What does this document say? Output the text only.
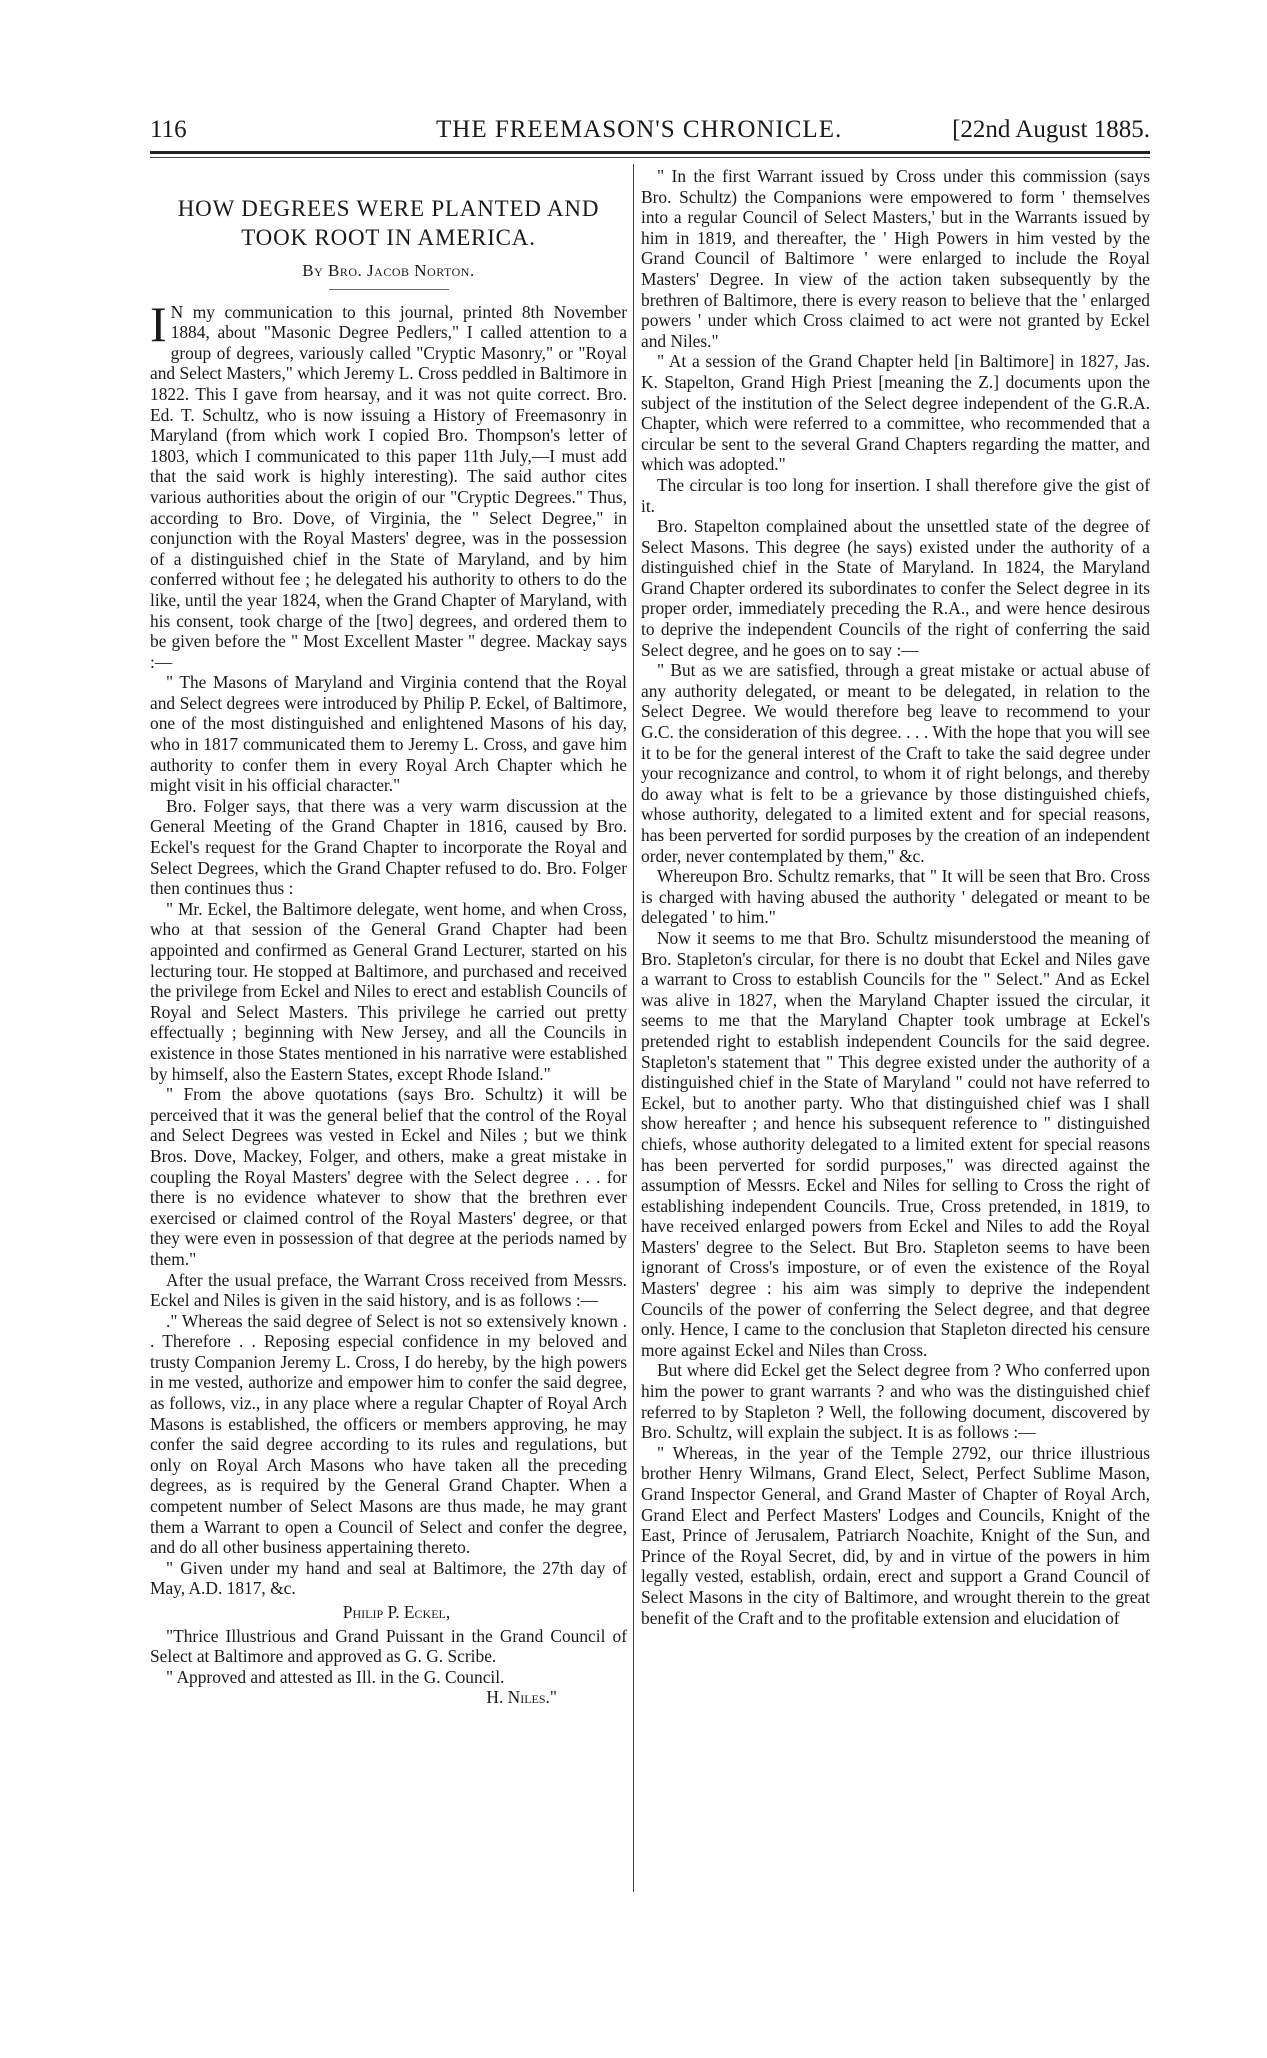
116	THE FREEMASON'S CHRONICLE.	[22nd August 1885.
HOW DEGREES WERE PLANTED AND TOOK ROOT IN AMERICA.
By Bro. Jacob Norton.

I N my communication to this journal, printed 8th November 1884, about "Masonic Degree Pedlers," I called attention to a group of degrees, variously called "Cryptic Masonry," or "Royal and Select Masters," which Jeremy L. Cross peddled in Baltimore in 1822. This I gave from hearsay, and it was not quite correct. Bro. Ed. T. Schultz, who is now issuing a History of Freemasonry in Maryland (from which work I copied Bro. Thompson's letter of 1803, which I communicated to this paper 11th July,—I must add that the said work is highly interesting). The said author cites various authorities about the origin of our "Cryptic Degrees." Thus, according to Bro. Dove, of Virginia, the " Select Degree," in conjunction with the Royal Masters' degree, was in the possession of a distinguished chief in the State of Maryland, and by him conferred without fee ; he delegated his authority to others to do the like, until the year 1824, when the Grand Chapter of Maryland, with his consent, took charge of the [two] degrees, and ordered them to be given before the " Most Excellent Master " degree. Mackay says :—

" The Masons of Maryland and Virginia contend that the Royal and Select degrees were introduced by Philip P. Eckel, of Baltimore, one of the most distinguished and enlightened Masons of his day, who in 1817 communicated them to Jeremy L. Cross, and gave him authority to confer them in every Royal Arch Chapter which he might visit in his official character."

Bro. Folger says, that there was a very warm discussion at the General Meeting of the Grand Chapter in 1816, caused by Bro. Eckel's request for the Grand Chapter to incorporate the Royal and Select Degrees, which the Grand Chapter refused to do. Bro. Folger then continues thus :

" Mr. Eckel, the Baltimore delegate, went home, and when Cross, who at that session of the General Grand Chapter had been appointed and confirmed as General Grand Lecturer, started on his lecturing tour. He stopped at Baltimore, and purchased and received the privilege from Eckel and Niles to erect and establish Councils of Royal and Select Masters. This privilege he carried out pretty effectually ; beginning with New Jersey, and all the Councils in existence in those States mentioned in his narrative were established by himself, also the Eastern States, except Rhode Island."

" From the above quotations (says Bro. Schultz) it will be perceived that it was the general belief that the control of the Royal and Select Degrees was vested in Eckel and Niles ; but we think Bros. Dove, Mackey, Folger, and others, make a great mistake in coupling the Royal Masters' degree with the Select degree . . . for there is no evidence whatever to show that the brethren ever exercised or claimed control of the Royal Masters' degree, or that they were even in possession of that degree at the periods named by them."

After the usual preface, the Warrant Cross received from Messrs. Eckel and Niles is given in the said history, and is as follows :—

." Whereas the said degree of Select is not so extensively known . . Therefore . . Reposing especial confidence in my beloved and trusty Companion Jeremy L. Cross, I do hereby, by the high powers in me vested, authorize and empower him to confer the said degree, as follows, viz., in any place where a regular Chapter of Royal Arch Masons is established, the officers or members approving, he may confer the said degree according to its rules and regulations, but only on Royal Arch Masons who have taken all the preceding degrees, as is required by the General Grand Chapter. When a competent number of Select Masons are thus made, he may grant them a Warrant to open a Council of Select and confer the degree, and do all other business appertaining thereto.

" Given under my hand and seal at Baltimore, the 27th day of May, A.D. 1817, &c.

Philip P. Eckel,

"Thrice Illustrious and Grand Puissant in the Grand Council of Select at Baltimore and approved as G. G. Scribe.

" Approved and attested as Ill. in the G. Council.

H. Niles."

" In the first Warrant issued by Cross under this commission (says Bro. Schultz) the Companions were empowered to form ' themselves into a regular Council of Select Masters,' but in the Warrants issued by him in 1819, and thereafter, the ' High Powers in him vested by the Grand Council of Baltimore ' were enlarged to include the Royal Masters' Degree. In view of the action taken subsequently by the brethren of Baltimore, there is every reason to believe that the ' enlarged powers ' under which Cross claimed to act were not granted by Eckel and Niles."

" At a session of the Grand Chapter held [in Baltimore] in 1827, Jas. K. Stapelton, Grand High Priest [meaning the Z.] documents upon the subject of the institution of the Select degree independent of the G.R.A. Chapter, which were referred to a committee, who recommended that a circular be sent to the several Grand Chapters regarding the matter, and which was adopted."

The circular is too long for insertion. I shall therefore give the gist of it.

Bro. Stapelton complained about the unsettled state of the degree of Select Masons. This degree (he says) existed under the authority of a distinguished chief in the State of Maryland. In 1824, the Maryland Grand Chapter ordered its subordinates to confer the Select degree in its proper order, immediately preceding the R.A., and were hence desirous to deprive the independent Councils of the right of conferring the said Select degree, and he goes on to say :—

" But as we are satisfied, through a great mistake or actual abuse of any authority delegated, or meant to be delegated, in relation to the Select Degree. We would therefore beg leave to recommend to your G.C. the consideration of this degree. . . . With the hope that you will see it to be for the general interest of the Craft to take the said degree under your recognizance and control, to whom it of right belongs, and thereby do away what is felt to be a grievance by those distinguished chiefs, whose authority, delegated to a limited extent and for special reasons, has been perverted for sordid purposes by the creation of an independent order, never contemplated by them," &c.

Whereupon Bro. Schultz remarks, that " It will be seen that Bro. Cross is charged with having abused the authority ' delegated or meant to be delegated ' to him."

Now it seems to me that Bro. Schultz misunderstood the meaning of Bro. Stapleton's circular, for there is no doubt that Eckel and Niles gave a warrant to Cross to establish Councils for the " Select." And as Eckel was alive in 1827, when the Maryland Chapter issued the circular, it seems to me that the Maryland Chapter took umbrage at Eckel's pretended right to establish independent Councils for the said degree. Stapleton's statement that " This degree existed under the authority of a distinguished chief in the State of Maryland " could not have referred to Eckel, but to another party. Who that distinguished chief was I shall show hereafter ; and hence his subsequent reference to " distinguished chiefs, whose authority delegated to a limited extent for special reasons has been perverted for sordid purposes," was directed against the assumption of Messrs. Eckel and Niles for selling to Cross the right of establishing independent Councils. True, Cross pretended, in 1819, to have received enlarged powers from Eckel and Niles to add the Royal Masters' degree to the Select. But Bro. Stapleton seems to have been ignorant of Cross's imposture, or of even the existence of the Royal Masters' degree : his aim was simply to deprive the independent Councils of the power of conferring the Select degree, and that degree only. Hence, I came to the conclusion that Stapleton directed his censure more against Eckel and Niles than Cross.

But where did Eckel get the Select degree from ? Who conferred upon him the power to grant warrants ? and who was the distinguished chief referred to by Stapleton ? Well, the following document, discovered by Bro. Schultz, will explain the subject. It is as follows :—

" Whereas, in the year of the Temple 2792, our thrice illustrious brother Henry Wilmans, Grand Elect, Select, Perfect Sublime Mason, Grand Inspector General, and Grand Master of Chapter of Royal Arch, Grand Elect and Perfect Masters' Lodges and Councils, Knight of the East, Prince of Jerusalem, Patriarch Noachite, Knight of the Sun, and Prince of the Royal Secret, did, by and in virtue of the powers in him legally vested, establish, ordain, erect and support a Grand Council of Select Masons in the city of Baltimore, and wrought therein to the great benefit of the Craft and to the profitable extension and elucidation of
